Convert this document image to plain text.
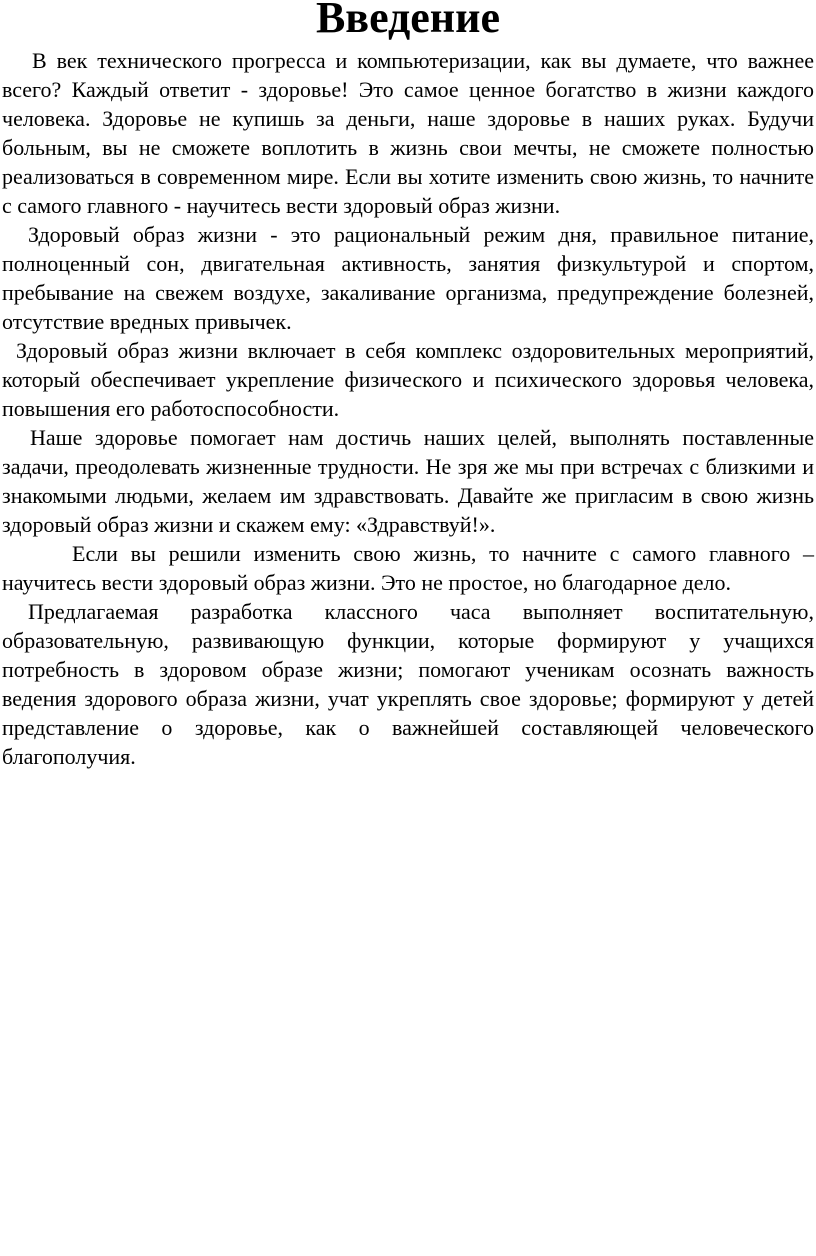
Введение

В век технического прогресса и компьютеризации, как вы думаете, что важнее всего? Каждый ответит - здоровье! Это самое ценное богатство в жизни каждого человека. Здоровье не купишь за деньги, наше здоровье в наших руках. Будучи больным, вы не сможете воплотить в жизнь свои мечты, не сможете полностью реализоваться в современном мире. Если вы хотите изменить свою жизнь, то начните с самого главного - научитесь вести здоровый образ жизни.

Здоровый образ жизни - это рациональный режим дня, правильное питание, полноценный сон, двигательная активность, занятия физкультурой и спортом, пребывание на свежем воздухе, закаливание организма, предупреждение болезней, отсутствие вредных привычек.

Здоровый образ жизни включает в себя комплекс оздоровительных мероприятий, который обеспечивает укрепление физического и психического здоровья человека, повышения его работоспособности.

Наше здоровье помогает нам достичь наших целей, выполнять поставленные задачи, преодолевать жизненные трудности. Не зря же мы при встречах с близкими и знакомыми людьми, желаем им здравствовать. Давайте же пригласим в свою жизнь здоровый образ жизни и скажем ему: «Здравствуй!».

Если вы решили изменить свою жизнь, то начните с самого главного – научитесь вести здоровый образ жизни. Это не простое, но благодарное дело.

Предлагаемая разработка классного часа выполняет воспитательную, образовательную, развивающую функции, которые формируют у учащихся потребность в здоровом образе жизни; помогают ученикам осознать важность ведения здорового образа жизни, учат укреплять свое здоровье; формируют у детей представление о здоровье, как о важнейшей составляющей человеческого благополучия.
